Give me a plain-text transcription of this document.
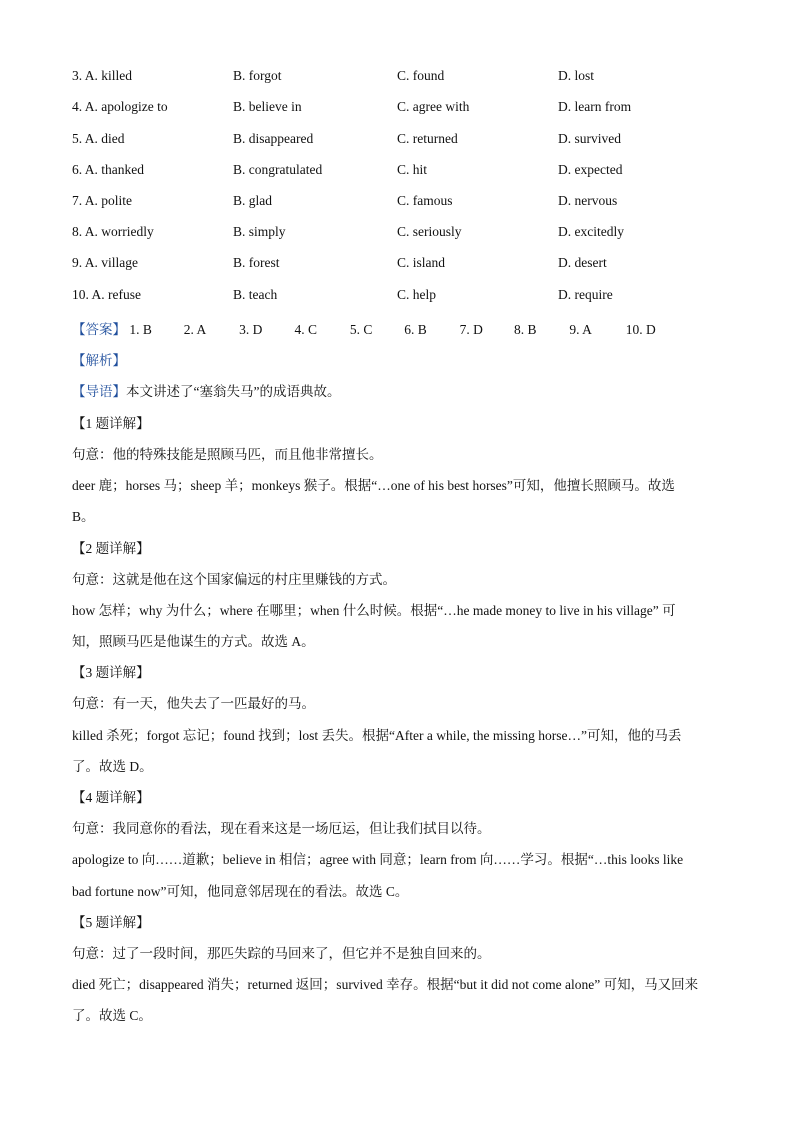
3. A. killed	B. forgot	C. found	D. lost
4. A. apologize to	B. believe in	C. agree with	D. learn from
5. A. died	B. disappeared	C. returned	D. survived
6. A. thanked	B. congratulated	C. hit	D. expected
7. A. polite	B. glad	C. famous	D. nervous
8. A. worriedly	B. simply	C. seriously	D. excitedly
9. A. village	B. forest	C. island	D. desert
10. A. refuse	B. teach	C. help	D. require
【答案】 1. B 2. A 3. D 4. C 5. C 6. B 7. D 8. B 9. A	10. D
【解析】
【导语】本文讲述了“塞翁失马”的成语典故。
【1 题详解】
句意：他的特殊技能是照顾马匹，而且他非常擅长。
deer 鹿；horses 马；sheep 羊；monkeys 猴子。根据“…one of his best horses”可知，他擅长照顾马。故选
B。
【2 题详解】
句意：这就是他在这个国家偏远的村庄里赚钱的方式。
how 怎样；why 为什么；where 在哪里；when 什么时候。根据“…he made money to live in his village” 可
知，照顾马匹是他谋生的方式。故选 A。
【3 题详解】
句意：有一天，他失去了一匹最好的马。
killed 杀死；forgot 忘记；found 找到；lost 丢失。根据“After a while, the missing horse…”可知，他的马丢
了。故选 D。
【4 题详解】
句意：我同意你的看法，现在看来这是一场厄运，但让我们拭目以待。
apologize to 向……道歉；believe in 相信；agree with 同意；learn from 向……学习。根据“…this looks like
bad fortune now”可知，他同意邻居现在的看法。故选 C。
【5 题详解】
句意：过了一段时间，那匹失踪的马回来了，但它并不是独自回来的。
died 死亡；disappeared 消失；returned 返回；survived 幸存。根据“but it did not come alone” 可知，马又回来
了。故选 C。
